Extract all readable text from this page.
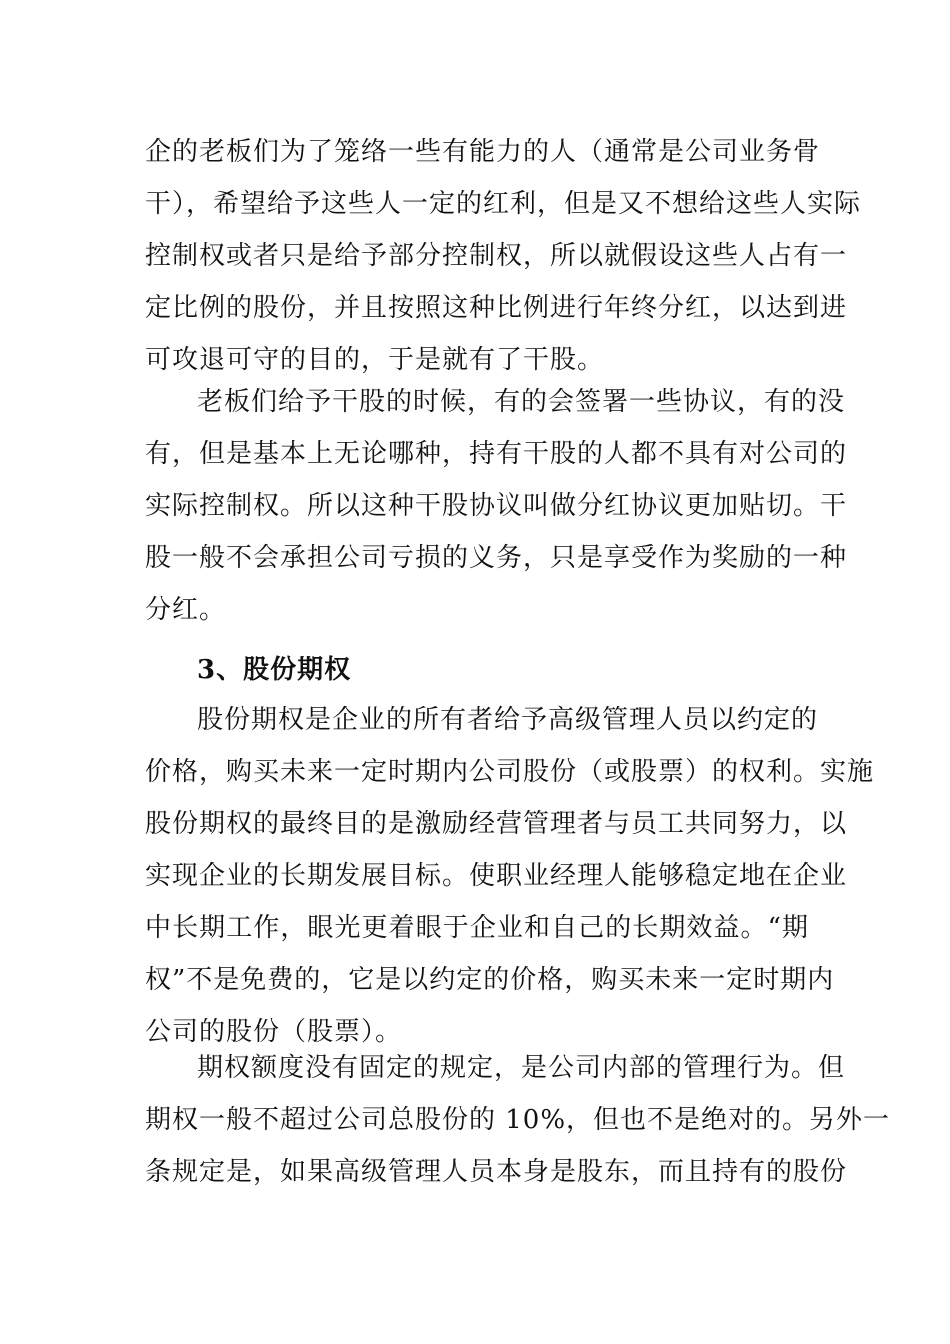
企的老板们为了笼络一些有能力的人（通常是公司业务骨
干），希望给予这些人一定的红利，但是又不想给这些人实际
控制权或者只是给予部分控制权，所以就假设这些人占有一
定比例的股份，并且按照这种比例进行年终分红，以达到进
可攻退可守的目的，于是就有了干股。
老板们给予干股的时候，有的会签署一些协议，有的没
有，但是基本上无论哪种，持有干股的人都不具有对公司的
实际控制权。所以这种干股协议叫做分红协议更加贴切。干
股一般不会承担公司亏损的义务，只是享受作为奖励的一种
分红。
3、股份期权
股份期权是企业的所有者给予高级管理人员以约定的
价格，购买未来一定时期内公司股份（或股票）的权利。实施
股份期权的最终目的是激励经营管理者与员工共同努力，以
实现企业的长期发展目标。使职业经理人能够稳定地在企业
中长期工作，眼光更着眼于企业和自己的长期效益。“期
权”不是免费的，它是以约定的价格，购买未来一定时期内
公司的股份（股票）。
期权额度没有固定的规定，是公司内部的管理行为。但
期权一般不超过公司总股份的 10%，但也不是绝对的。另外一
条规定是，如果高级管理人员本身是股东，而且持有的股份
